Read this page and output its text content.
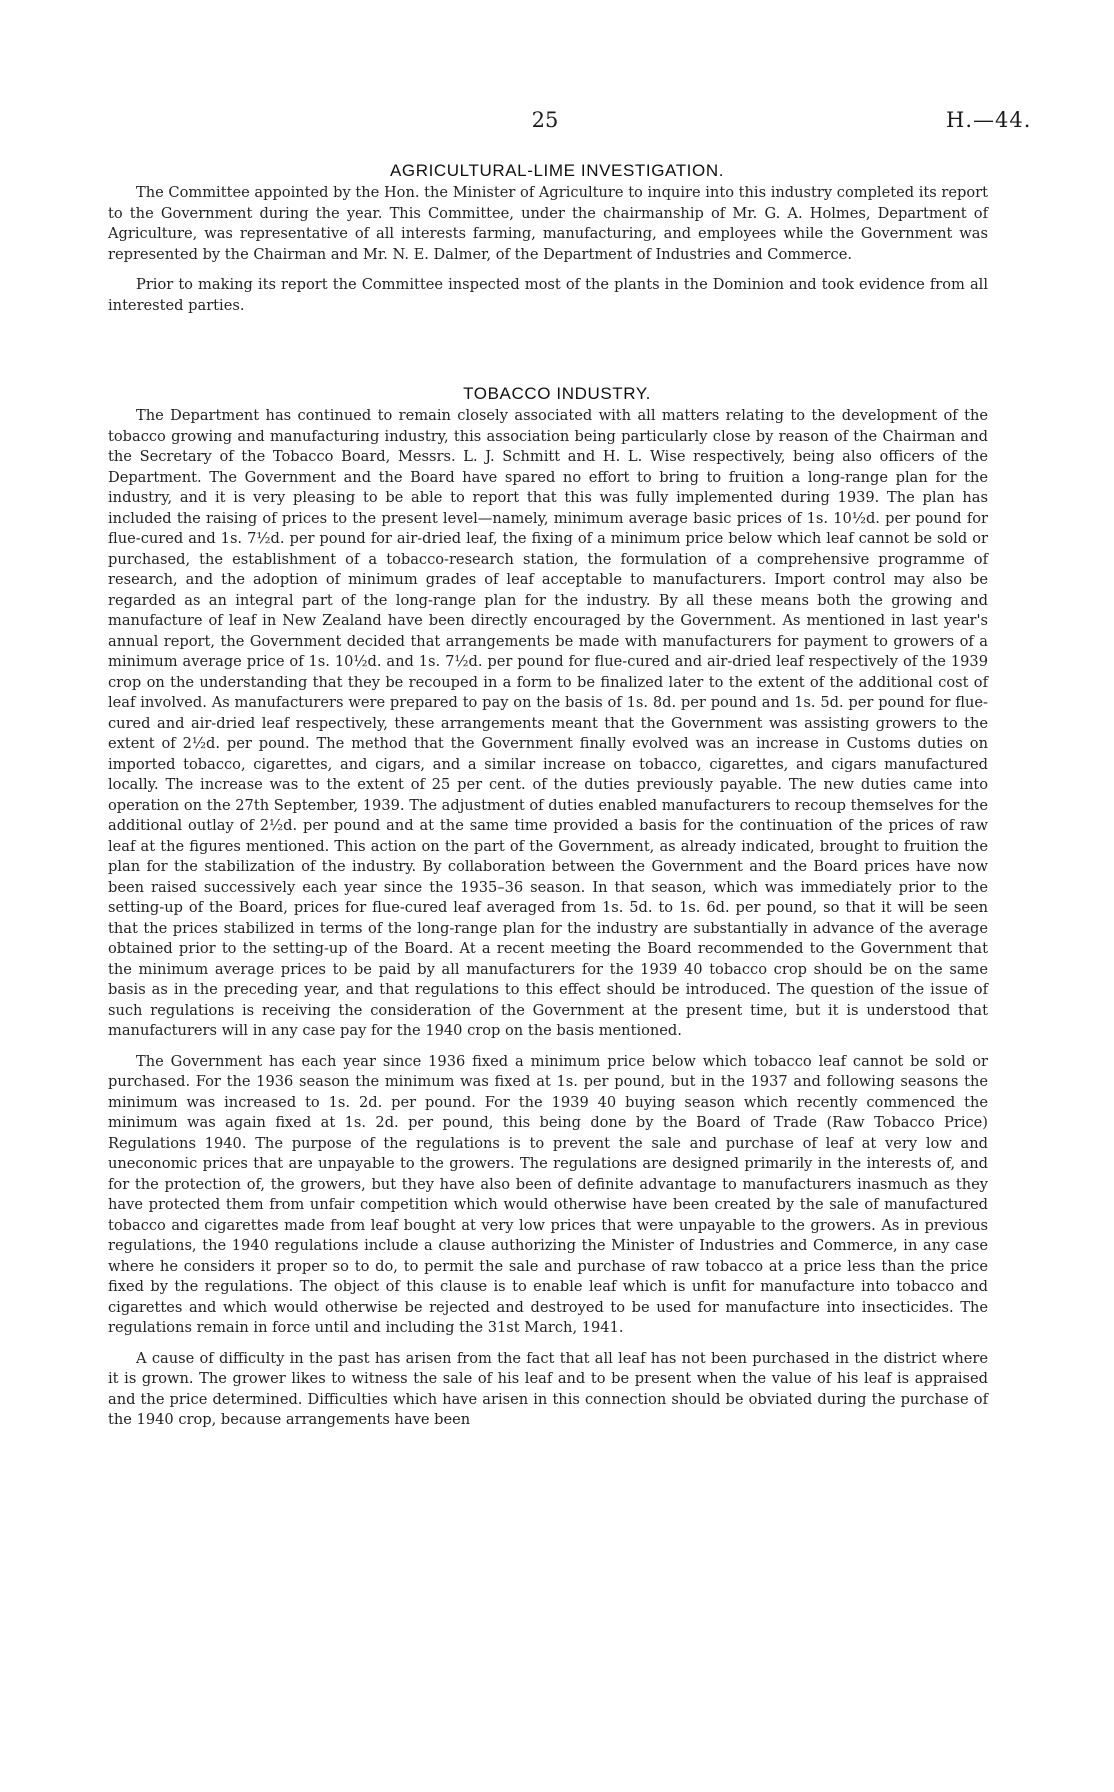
25	H.—44.
AGRICULTURAL-LIME INVESTIGATION.

The Committee appointed by the Hon. the Minister of Agriculture to inquire into this industry completed its report to the Government during the year. This Committee, under the chairmanship of Mr. G. A. Holmes, Department of Agriculture, was representative of all interests farming, manufacturing, and employees while the Government was represented by the Chairman and Mr. N. E. Dalmer, of the Department of Industries and Commerce.

Prior to making its report the Committee inspected most of the plants in the Dominion and took evidence from all interested parties.

TOBACCO INDUSTRY.

The Department has continued to remain closely associated with all matters relating to the development of the tobacco growing and manufacturing industry, this association being particularly close by reason of the Chairman and the Secretary of the Tobacco Board, Messrs. L. J. Schmitt and H. L. Wise respectively, being also officers of the Department. The Government and the Board have spared no effort to bring to fruition a long-range plan for the industry, and it is very pleasing to be able to report that this was fully implemented during 1939. The plan has included the raising of prices to the present level—namely, minimum average basic prices of 1s. 10½d. per pound for flue-cured and 1s. 7½d. per pound for air-dried leaf, the fixing of a minimum price below which leaf cannot be sold or purchased, the establishment of a tobacco-research station, the formulation of a comprehensive programme of research, and the adoption of minimum grades of leaf acceptable to manufacturers. Import control may also be regarded as an integral part of the long-range plan for the industry. By all these means both the growing and manufacture of leaf in New Zealand have been directly encouraged by the Government. As mentioned in last year's annual report, the Government decided that arrangements be made with manufacturers for payment to growers of a minimum average price of 1s. 10½d. and 1s. 7½d. per pound for flue-cured and air-dried leaf respectively of the 1939 crop on the understanding that they be recouped in a form to be finalized later to the extent of the additional cost of leaf involved. As manufacturers were prepared to pay on the basis of 1s. 8d. per pound and 1s. 5d. per pound for flue-cured and air-dried leaf respectively, these arrangements meant that the Government was assisting growers to the extent of 2½d. per pound. The method that the Government finally evolved was an increase in Customs duties on imported tobacco, cigarettes, and cigars, and a similar increase on tobacco, cigarettes, and cigars manufactured locally. The increase was to the extent of 25 per cent. of the duties previously payable. The new duties came into operation on the 27th September, 1939. The adjustment of duties enabled manufacturers to recoup themselves for the additional outlay of 2½d. per pound and at the same time provided a basis for the continuation of the prices of raw leaf at the figures mentioned. This action on the part of the Government, as already indicated, brought to fruition the plan for the stabilization of the industry. By collaboration between the Government and the Board prices have now been raised successively each year since the 1935–36 season. In that season, which was immediately prior to the setting-up of the Board, prices for flue-cured leaf averaged from 1s. 5d. to 1s. 6d. per pound, so that it will be seen that the prices stabilized in terms of the long-range plan for the industry are substantially in advance of the average obtained prior to the setting-up of the Board. At a recent meeting the Board recommended to the Government that the minimum average prices to be paid by all manufacturers for the 1939 40 tobacco crop should be on the same basis as in the preceding year, and that regulations to this effect should be introduced. The question of the issue of such regulations is receiving the consideration of the Government at the present time, but it is understood that manufacturers will in any case pay for the 1940 crop on the basis mentioned.

The Government has each year since 1936 fixed a minimum price below which tobacco leaf cannot be sold or purchased. For the 1936 season the minimum was fixed at 1s. per pound, but in the 1937 and following seasons the minimum was increased to 1s. 2d. per pound. For the 1939 40 buying season which recently commenced the minimum was again fixed at 1s. 2d. per pound, this being done by the Board of Trade (Raw Tobacco Price) Regulations 1940. The purpose of the regulations is to prevent the sale and purchase of leaf at very low and uneconomic prices that are unpayable to the growers. The regulations are designed primarily in the interests of, and for the protection of, the growers, but they have also been of definite advantage to manufacturers inasmuch as they have protected them from unfair competition which would otherwise have been created by the sale of manufactured tobacco and cigarettes made from leaf bought at very low prices that were unpayable to the growers. As in previous regulations, the 1940 regulations include a clause authorizing the Minister of Industries and Commerce, in any case where he considers it proper so to do, to permit the sale and purchase of raw tobacco at a price less than the price fixed by the regulations. The object of this clause is to enable leaf which is unfit for manufacture into tobacco and cigarettes and which would otherwise be rejected and destroyed to be used for manufacture into insecticides. The regulations remain in force until and including the 31st March, 1941.

A cause of difficulty in the past has arisen from the fact that all leaf has not been purchased in the district where it is grown. The grower likes to witness the sale of his leaf and to be present when the value of his leaf is appraised and the price determined. Difficulties which have arisen in this connection should be obviated during the purchase of the 1940 crop, because arrangements have been
